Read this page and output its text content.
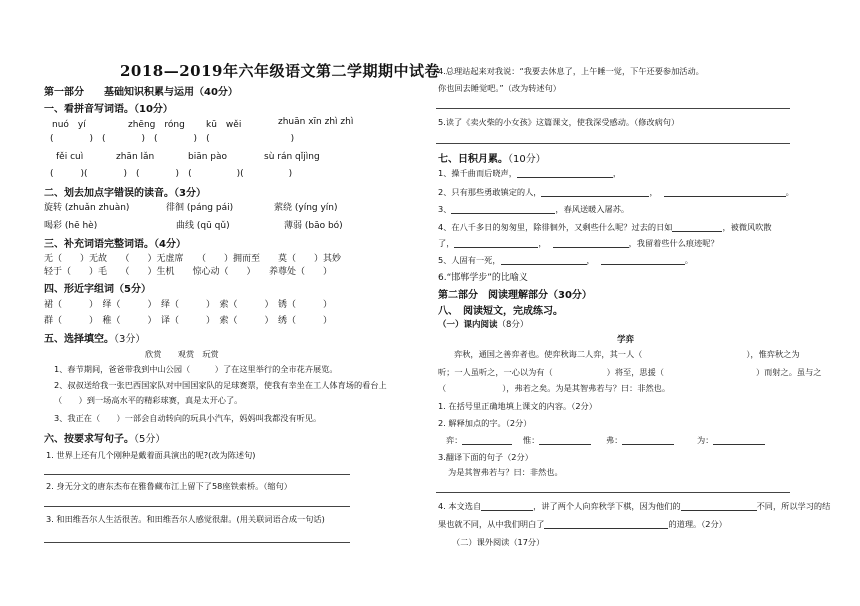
2018—2019年六年级语文第二学期期中试卷
第一部分　　基础知识积累与运用（40分）
一、看拼音写词语。（10分）
nuó　yí	zhēng　róng kū　wěi	zhuān xīn zhì zhì
(　　　　)　(　　　　)　(　　　　)　(　　　　　　　　　)
fěi cuì	zhān lǎn	biān pào	sù rán qǐjìng
(　　　)(　　　　)　(　　　　)　(　　　　　)(　　　　　)
二、划去加点字错误的读音。（3分）
旋转 (zhuǎn zhuàn)	徘徊 (páng pái)	萦绕 (yíng yín)
喝彩 (hē hè)	曲线 (qū qǔ)	薄弱 (bāo bó)
三、补充词语完整词语。（4分）
无（　　）无故　　（　　）无虚席　　（　　）拥而至　　莫（　　）其妙
轻于（　　）毛　　（　　）生机　　惊心动（　　）　　养尊处（　　）
四、形近字组词（5分）
裙（　　　）　绎（　　　）　绎（　　　）　索（　　　）　锈（　　　）
群（　　　）　稚（　　　）　译（　　　）　索（　　　）　绣（　　　）
五、选择填空。（3分）
欣赏　　观赏　玩赏
1、春节期间，爸爸带我到中山公园（　　　）了在这里举行的全市花卉展览。
2、叔叔送给我一张巴西国家队对中国国家队的足球赛票，使我有幸坐在工人体育场的看台上
（　　）到一场高水平的精彩球赛，真是太开心了。
3、我正在（　　）一部会自动转向的玩具小汽车，妈妈叫我都没有听见。
六、按要求写句子。（5分）
1. 世界上还有几个刚种是戴着面具演出的呢?(改为陈述句)
2. 身无分文的唐东杰布在雅鲁藏布江上留下了58座铁索桥。（缩句）
3. 和田维吾尔人生活很苦。和田维吾尔人感觉很甜。(用关联词语合成一句话)
4.总理站起来对我说：“我要去休息了，上午睡一觉，下午还要参加活动。
你也回去睡觉吧。”（改为转述句）
5.读了《卖火柴的小女孩》这篇课文，使我深受感动。（修改病句）
七、日积月累。（10分）
1、操千曲而后晓声，	，
2、只有那些勇敢镇定的人，	，	。
3、	，春风送暖入屠苏。
4、在八千多日的匆匆里，除徘徊外，又剩些什么呢？过去的日如	，被微风吹散
了，	，	，我留着些什么痕迹呢？
5、人固有一死，	，	。
6.“邯郸学步”的比喻义
第二部分　阅读理解部分（30分）
八、　阅读短文，完成练习。
（一）课内阅读（8分）
学弈
弈秋，通国之善弈者也。使弈秋诲二人弈，其一人（	），惟弈秋之为
听；一人虽听之，一心以为有（	）将至，思援（	）而射之。虽与之
（	），弗若之矣。为是其智弗若与？曰：非然也。
1. 在括号里正确地填上课文的内容。（2分）
2. 解释加点的字。（2分）
弈：	惟：	弗：	为：
3.翻译下面的句子（2分）
为是其智弗若与？曰：非然也。
4. 本文选自	，讲了两个人向弈秋学下棋，因为他们的	不同，所以学习的结
果也就不同，从中我们明白了	的道理。（2分）
（二）课外阅读（17分）
